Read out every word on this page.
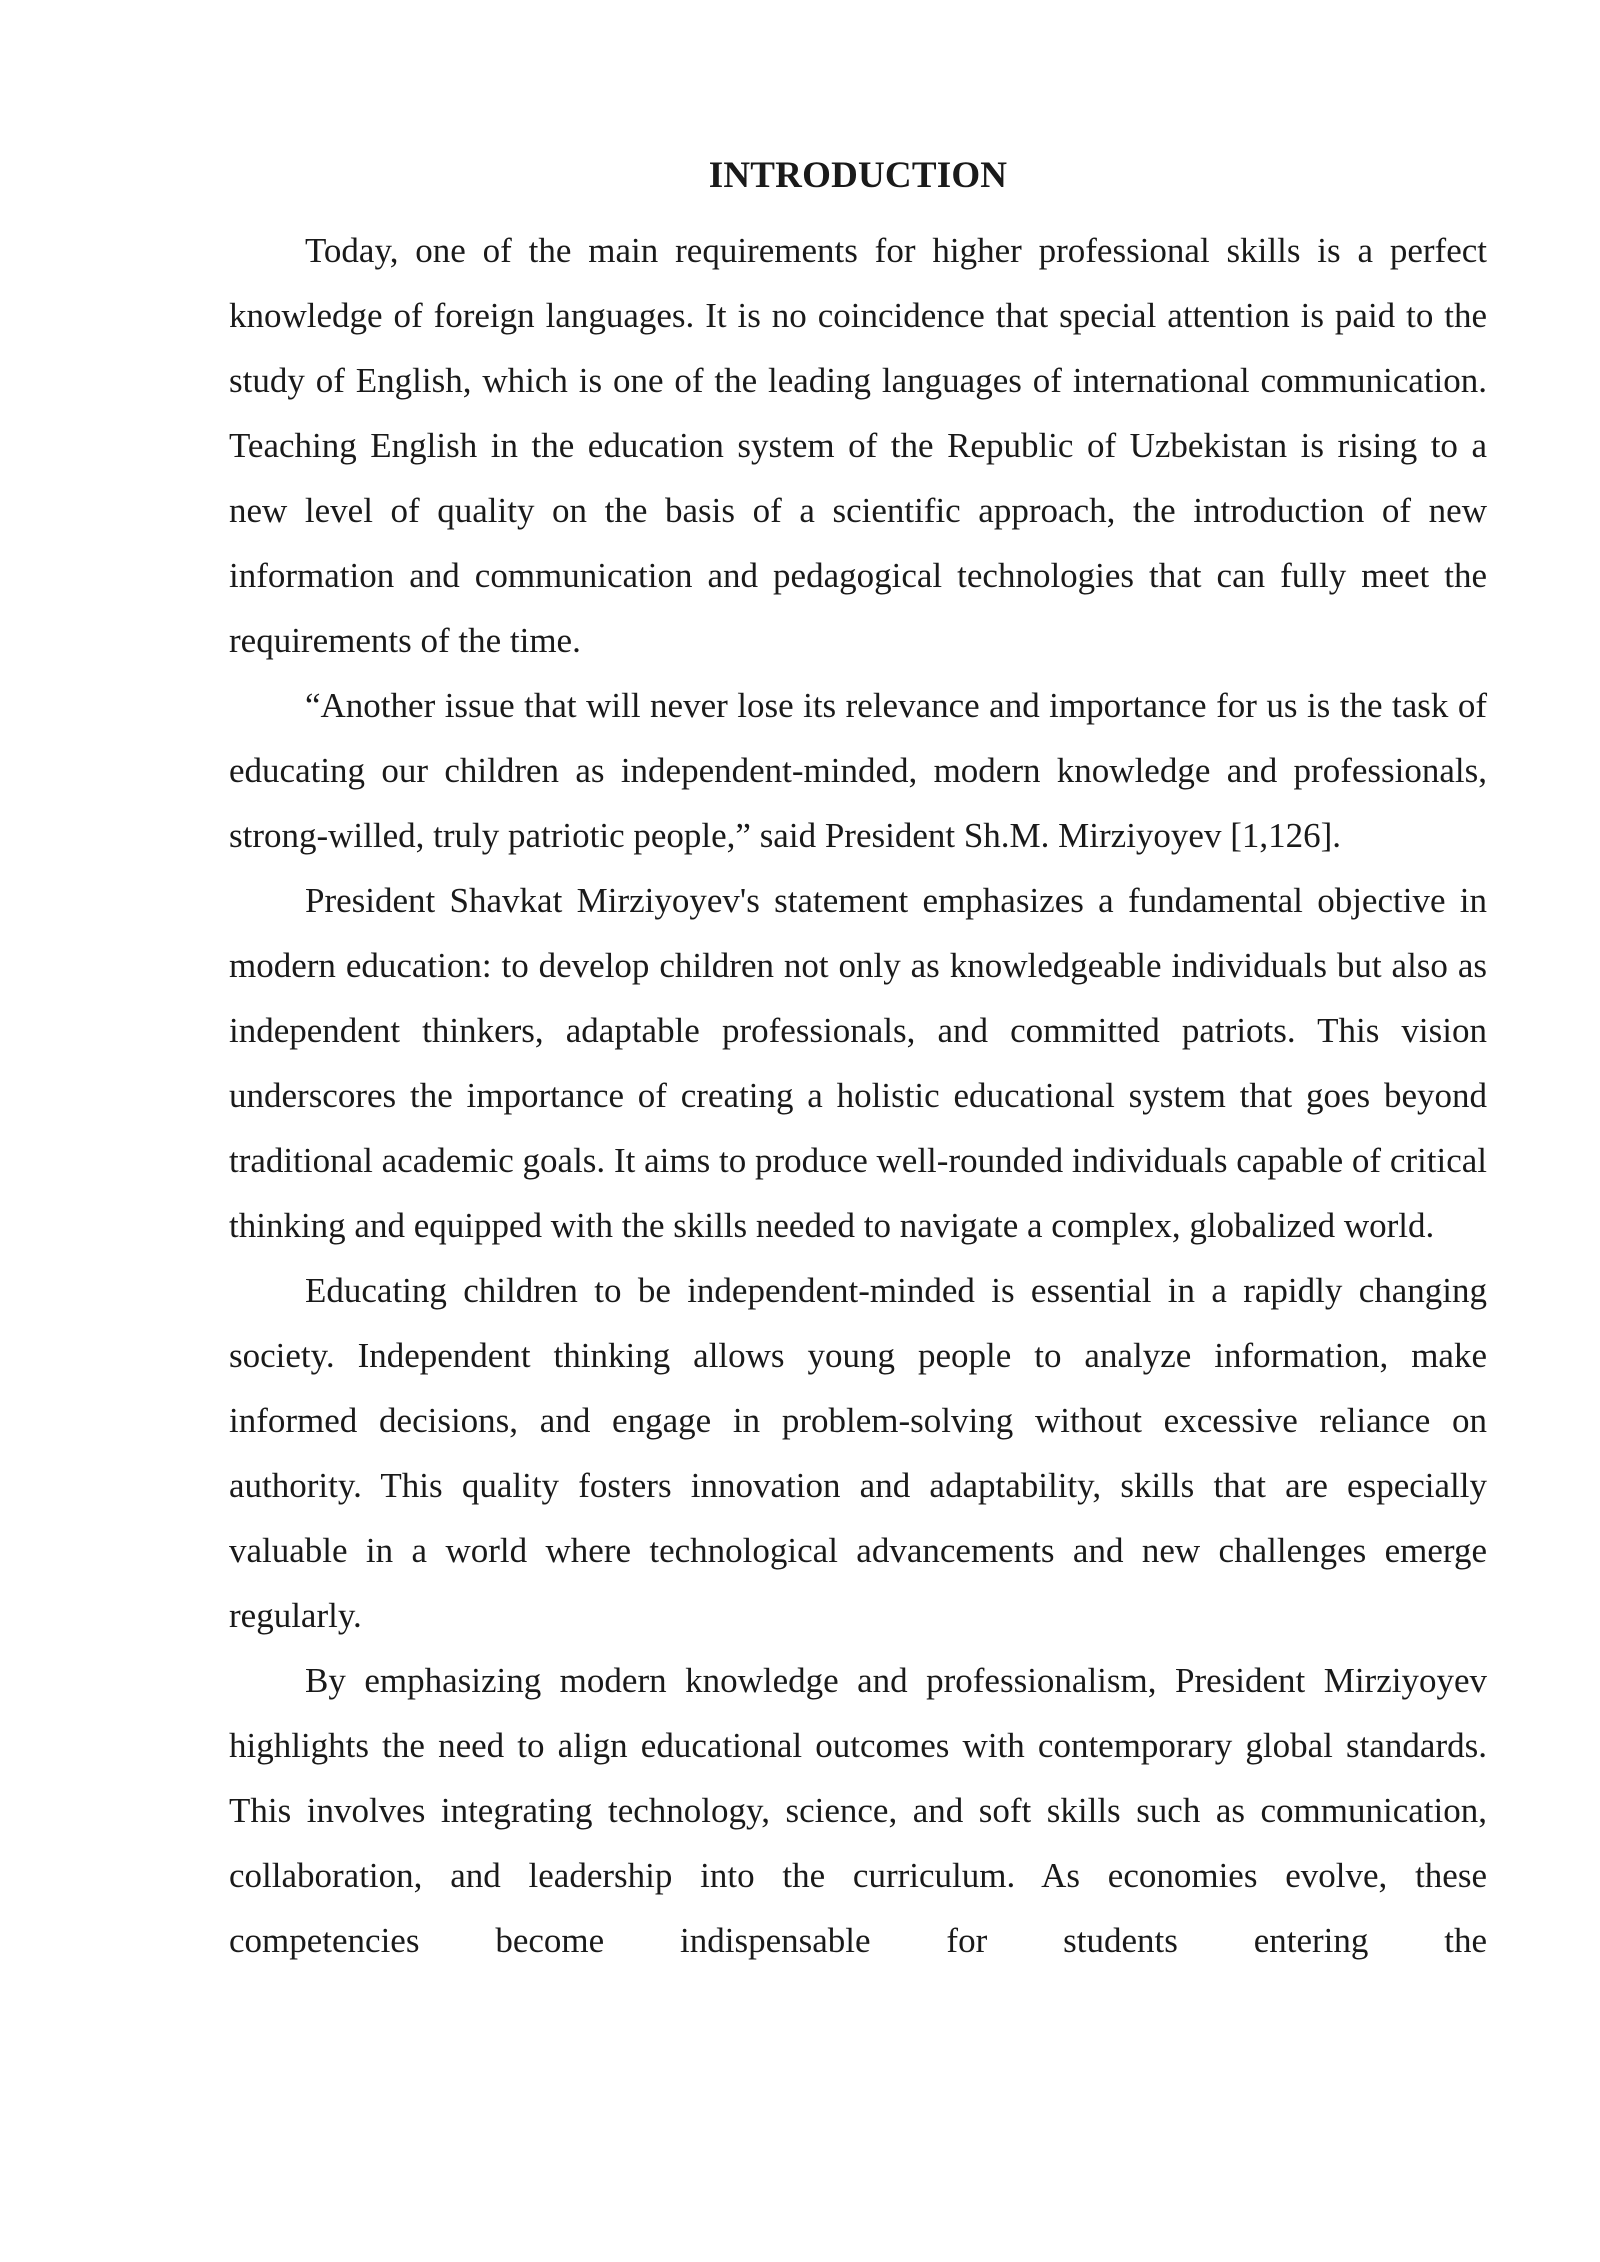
INTRODUCTION

Today, one of the main requirements for higher professional skills is a perfect knowledge of foreign languages. It is no coincidence that special attention is paid to the study of English, which is one of the leading languages of international communication. Teaching English in the education system of the Republic of Uzbekistan is rising to a new level of quality on the basis of a scientific approach, the introduction of new information and communication and pedagogical technologies that can fully meet the requirements of the time.

“Another issue that will never lose its relevance and importance for us is the task of educating our children as independent-minded, modern knowledge and professionals, strong-willed, truly patriotic people,” said President Sh.M. Mirziyoyev [1,126].

President Shavkat Mirziyoyev's statement emphasizes a fundamental objective in modern education: to develop children not only as knowledgeable individuals but also as independent thinkers, adaptable professionals, and committed patriots. This vision underscores the importance of creating a holistic educational system that goes beyond traditional academic goals. It aims to produce well-rounded individuals capable of critical thinking and equipped with the skills needed to navigate a complex, globalized world.

Educating children to be independent-minded is essential in a rapidly changing society. Independent thinking allows young people to analyze information, make informed decisions, and engage in problem-solving without excessive reliance on authority. This quality fosters innovation and adaptability, skills that are especially valuable in a world where technological advancements and new challenges emerge regularly.

By emphasizing modern knowledge and professionalism, President Mirziyoyev highlights the need to align educational outcomes with contemporary global standards. This involves integrating technology, science, and soft skills such as communication, collaboration, and leadership into the curriculum. As economies evolve, these competencies become indispensable for students entering the
